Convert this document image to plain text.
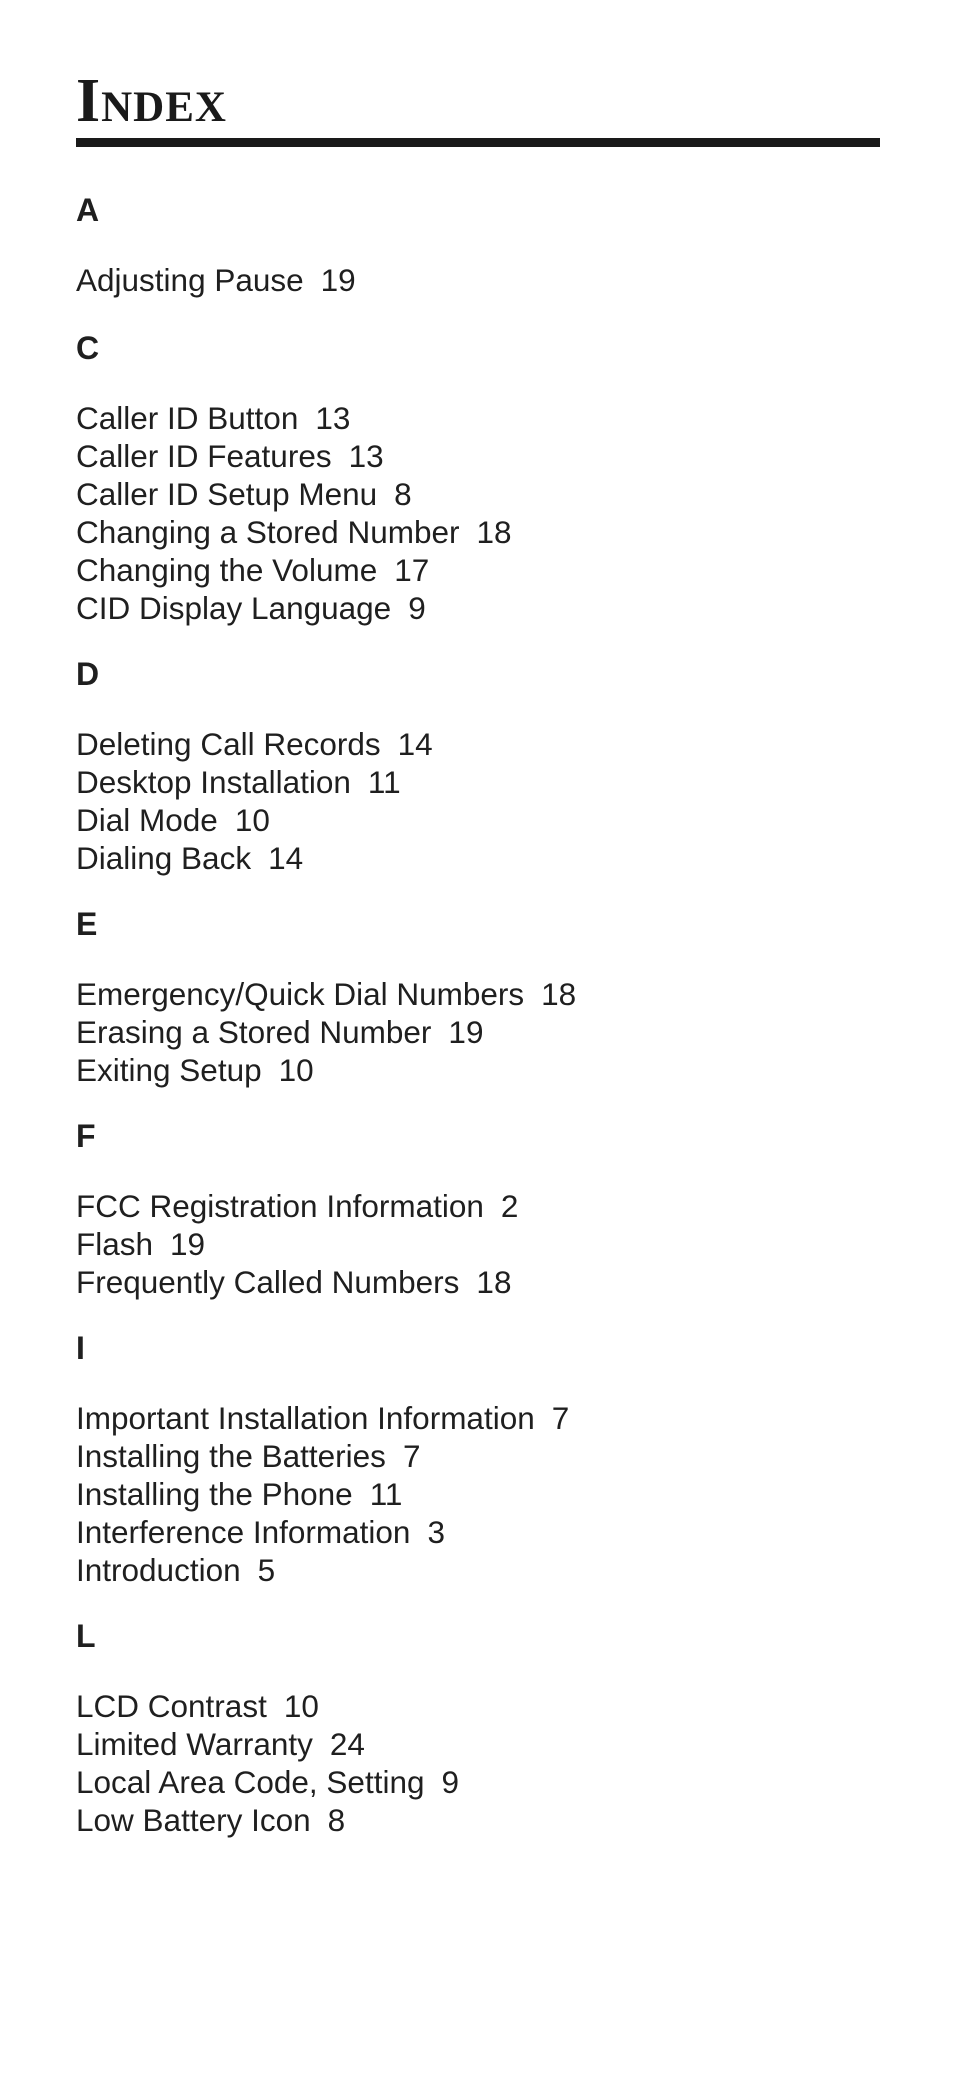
Index
A
Adjusting Pause 19
C
Caller ID Button 13
Caller ID Features 13
Caller ID Setup Menu 8
Changing a Stored Number 18
Changing the Volume 17
CID Display Language 9
D
Deleting Call Records 14
Desktop Installation 11
Dial Mode 10
Dialing Back 14
E
Emergency/Quick Dial Numbers 18
Erasing a Stored Number 19
Exiting Setup 10
F
FCC Registration Information 2
Flash 19
Frequently Called Numbers 18
I
Important Installation Information 7
Installing the Batteries 7
Installing the Phone 11
Interference Information 3
Introduction 5
L
LCD Contrast 10
Limited Warranty 24
Local Area Code, Setting 9
Low Battery Icon 8
